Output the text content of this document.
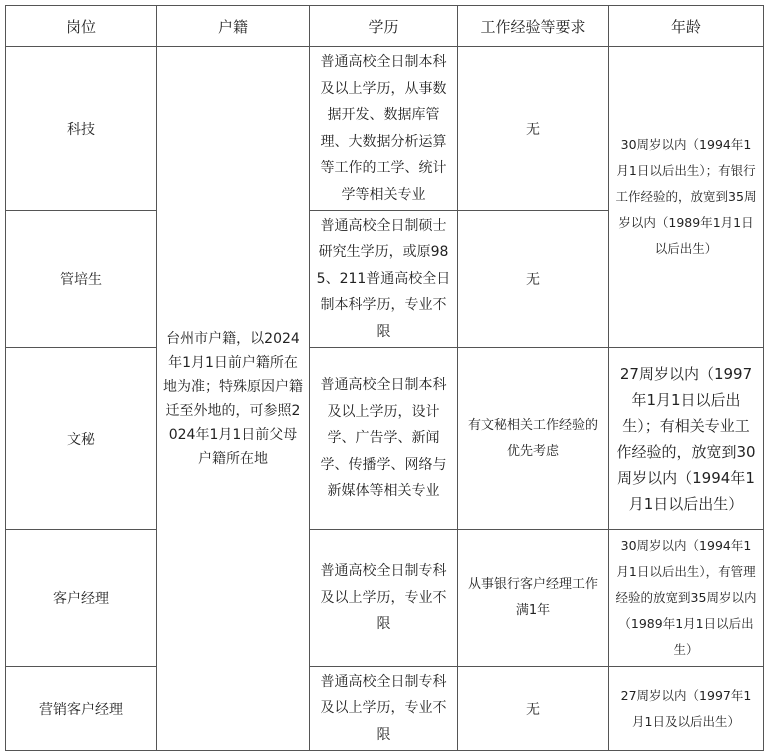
岗位	户籍	学历	工作经验等要求	年龄
科技	台州市户籍，以2024年1月1日前户籍所在地为准；特殊原因户籍迁至外地的，可参照2024年1月1日前父母户籍所在地	普通高校全日制本科及以上学历，从事数据开发、数据库管理、大数据分析运算等工作的工学、统计学等相关专业	无	30周岁以内（1994年1月1日以后出生）；有银行工作经验的，放宽到35周岁以内（1989年1月1日以后出生）
管培生		普通高校全日制硕士研究生学历，或原985、211普通高校全日制本科学历，专业不限	无	
文秘		普通高校全日制本科及以上学历，设计学、广告学、新闻学、传播学、网络与新媒体等相关专业	有文秘相关工作经验的优先考虑	27周岁以内（1997年1月1日以后出生）；有相关专业工作经验的，放宽到30周岁以内（1994年1月1日以后出生）
客户经理		普通高校全日制专科及以上学历，专业不限	从事银行客户经理工作满1年	30周岁以内（1994年1月1日以后出生），有管理经验的放宽到35周岁以内（1989年1月1日以后出生）
营销客户经理		普通高校全日制专科及以上学历，专业不限	无	27周岁以内（1997年1月1日及以后出生）
